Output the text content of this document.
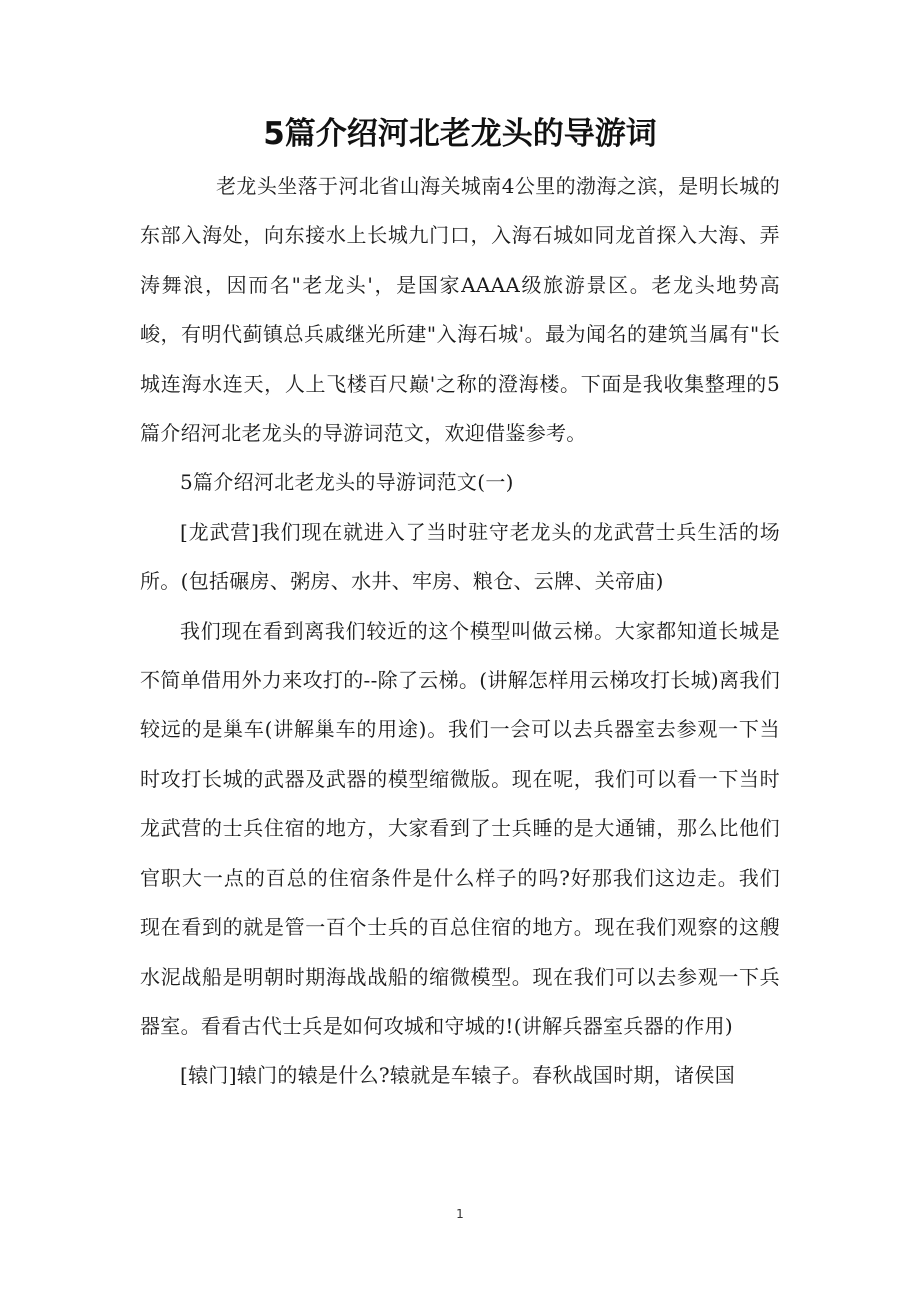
5篇介绍河北老龙头的导游词

老龙头坐落于河北省山海关城南4公里的渤海之滨，是明长城的东部入海处，向东接水上长城九门口，入海石城如同龙首探入大海、弄涛舞浪，因而名"老龙头'，是国家AAAA级旅游景区。老龙头地势高峻，有明代蓟镇总兵戚继光所建"入海石城'。最为闻名的建筑当属有"长城连海水连天，人上飞楼百尺巅'之称的澄海楼。下面是我收集整理的5篇介绍河北老龙头的导游词范文，欢迎借鉴参考。

5篇介绍河北老龙头的导游词范文(一)

[龙武营]我们现在就进入了当时驻守老龙头的龙武营士兵生活的场所。(包括碾房、粥房、水井、牢房、粮仓、云牌、关帝庙)

我们现在看到离我们较近的这个模型叫做云梯。大家都知道长城是不简单借用外力来攻打的--除了云梯。(讲解怎样用云梯攻打长城)离我们较远的是巢车(讲解巢车的用途)。我们一会可以去兵器室去参观一下当时攻打长城的武器及武器的模型缩微版。现在呢，我们可以看一下当时龙武营的士兵住宿的地方，大家看到了士兵睡的是大通铺，那么比他们官职大一点的百总的住宿条件是什么样子的吗?好那我们这边走。我们现在看到的就是管一百个士兵的百总住宿的地方。现在我们观察的这艘水泥战船是明朝时期海战战船的缩微模型。现在我们可以去参观一下兵器室。看看古代士兵是如何攻城和守城的!(讲解兵器室兵器的作用)

[辕门]辕门的辕是什么?辕就是车辕子。春秋战国时期，诸侯国

1
